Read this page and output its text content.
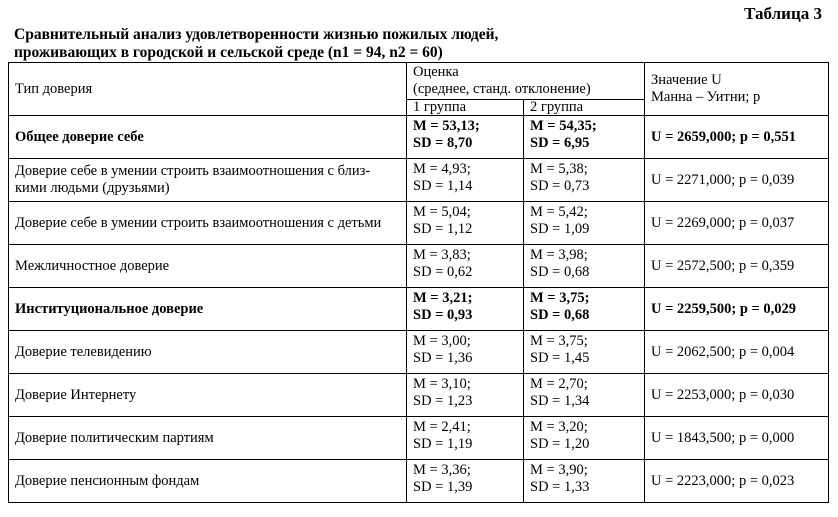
Таблица 3
Сравнительный анализ удовлетворенности жизнью пожилых людей,
проживающих в городской и сельской среде (n1 = 94, n2 = 60)
Тип доверия	Оценка
(среднее, станд. отклонение)		Значение U
Манна – Уитни; p

	1 группа	2 группа	
Общее доверие себе	M = 53,13;
SD = 8,70	M = 54,35;
SD = 6,95	U = 2659,000; p = 0,551

Доверие себе в умении строить взаимоотношения с близ-
кими людьми (друзьями)	M = 4,93;
SD = 1,14	M = 5,38;
SD = 0,73	U = 2271,000; p = 0,039
Доверие себе в умении строить взаимоотношения с детьми	M = 5,04;
SD = 1,12	M = 5,42;
SD = 1,09	U = 2269,000; p = 0,037
Межличностное доверие	M = 3,83;
SD = 0,62	M = 3,98;
SD = 0,68	U = 2572,500; p = 0,359
Институциональное доверие	M = 3,21;
SD = 0,93	M = 3,75;
SD = 0,68	U = 2259,500; p = 0,029
Доверие телевидению	M = 3,00;
SD = 1,36	M = 3,75;
SD = 1,45	U = 2062,500; p = 0,004
Доверие Интернету	M = 3,10;
SD = 1,23	M = 2,70;
SD = 1,34	U = 2253,000; p = 0,030
Доверие политическим партиям	M = 2,41;
SD = 1,19	M = 3,20;
SD = 1,20	U = 1843,500; p = 0,000
Доверие пенсионным фондам	M = 3,36;
SD = 1,39	M = 3,90;
SD = 1,33	U = 2223,000; p = 0,023
